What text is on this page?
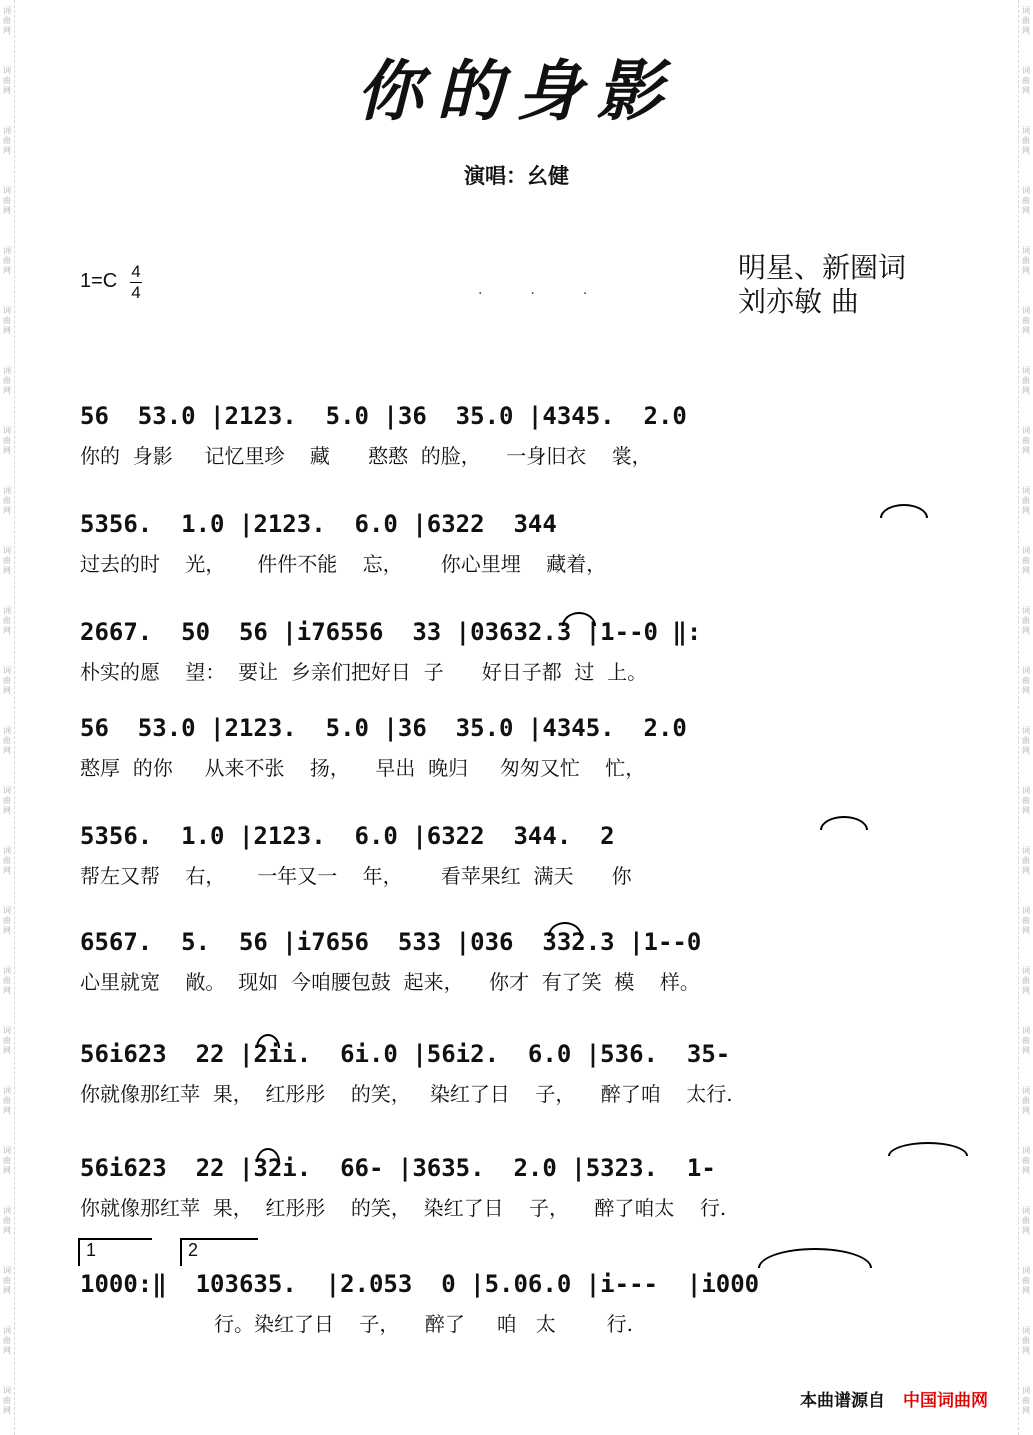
词曲网
词曲网
词曲网
词曲网
词曲网
词曲网
词曲网
词曲网
词曲网
词曲网
词曲网
词曲网
词曲网
词曲网
词曲网
词曲网
词曲网
词曲网
词曲网
词曲网
词曲网
词曲网
词曲网
词曲网
词曲网
词曲网
词曲网
词曲网
词曲网
词曲网
词曲网
词曲网
词曲网
词曲网
词曲网
词曲网
词曲网
词曲网
词曲网
词曲网
词曲网
词曲网
词曲网
词曲网
词曲网
词曲网
词曲网
词曲网
你的身影
演唱：幺健
1=C 4
4	···
明星、新圈词
刘亦敏 曲
56  53.0 |2123.  5.0 |36  35.0 |4345.  2.0
你的  身影     记忆里珍    藏      憨憨  的脸，    一身旧衣    裳，
5356.  1.0 |2123.  6.0 |6322  344
过去的时    光，     件件不能    忘，      你心里埋    藏着，
2667.  50  56 |i76556  33 |03632.3 |1--0 ‖:
朴实的愿    望：  要让  乡亲们把好日  子      好日子都  过  上。
56  53.0 |2123.  5.0 |36  35.0 |4345.  2.0
憨厚  的你     从来不张    扬，    早出  晚归     匆匆又忙    忙，
5356.  1.0 |2123.  6.0 |6322  344.  2
帮左又帮    右，     一年又一    年，      看苹果红  满天      你
6567.  5.  56 |i7656  533 |036  332.3 |1--0
心里就宽    敞。  现如  今咱腰包鼓  起来，    你才  有了笑  模    样。
56i623  22 |2ii.  6i.0 |56i2.  6.0 |536.  35-
你就像那红苹  果，  红彤彤    的笑，   染红了日    子，    醉了咱    太行.
56i623  22 |32i.  66- |3635.  2.0 |5323.  1-
你就像那红苹  果，  红彤彤    的笑，  染红了日    子，    醉了咱太    行.
1	2
1000:‖  103635.  |2.053  0 |5.06.0 |i---  |i000
行。染红了日    子，    醉了     咱   太        行.
本曲谱源自 中国词曲网
